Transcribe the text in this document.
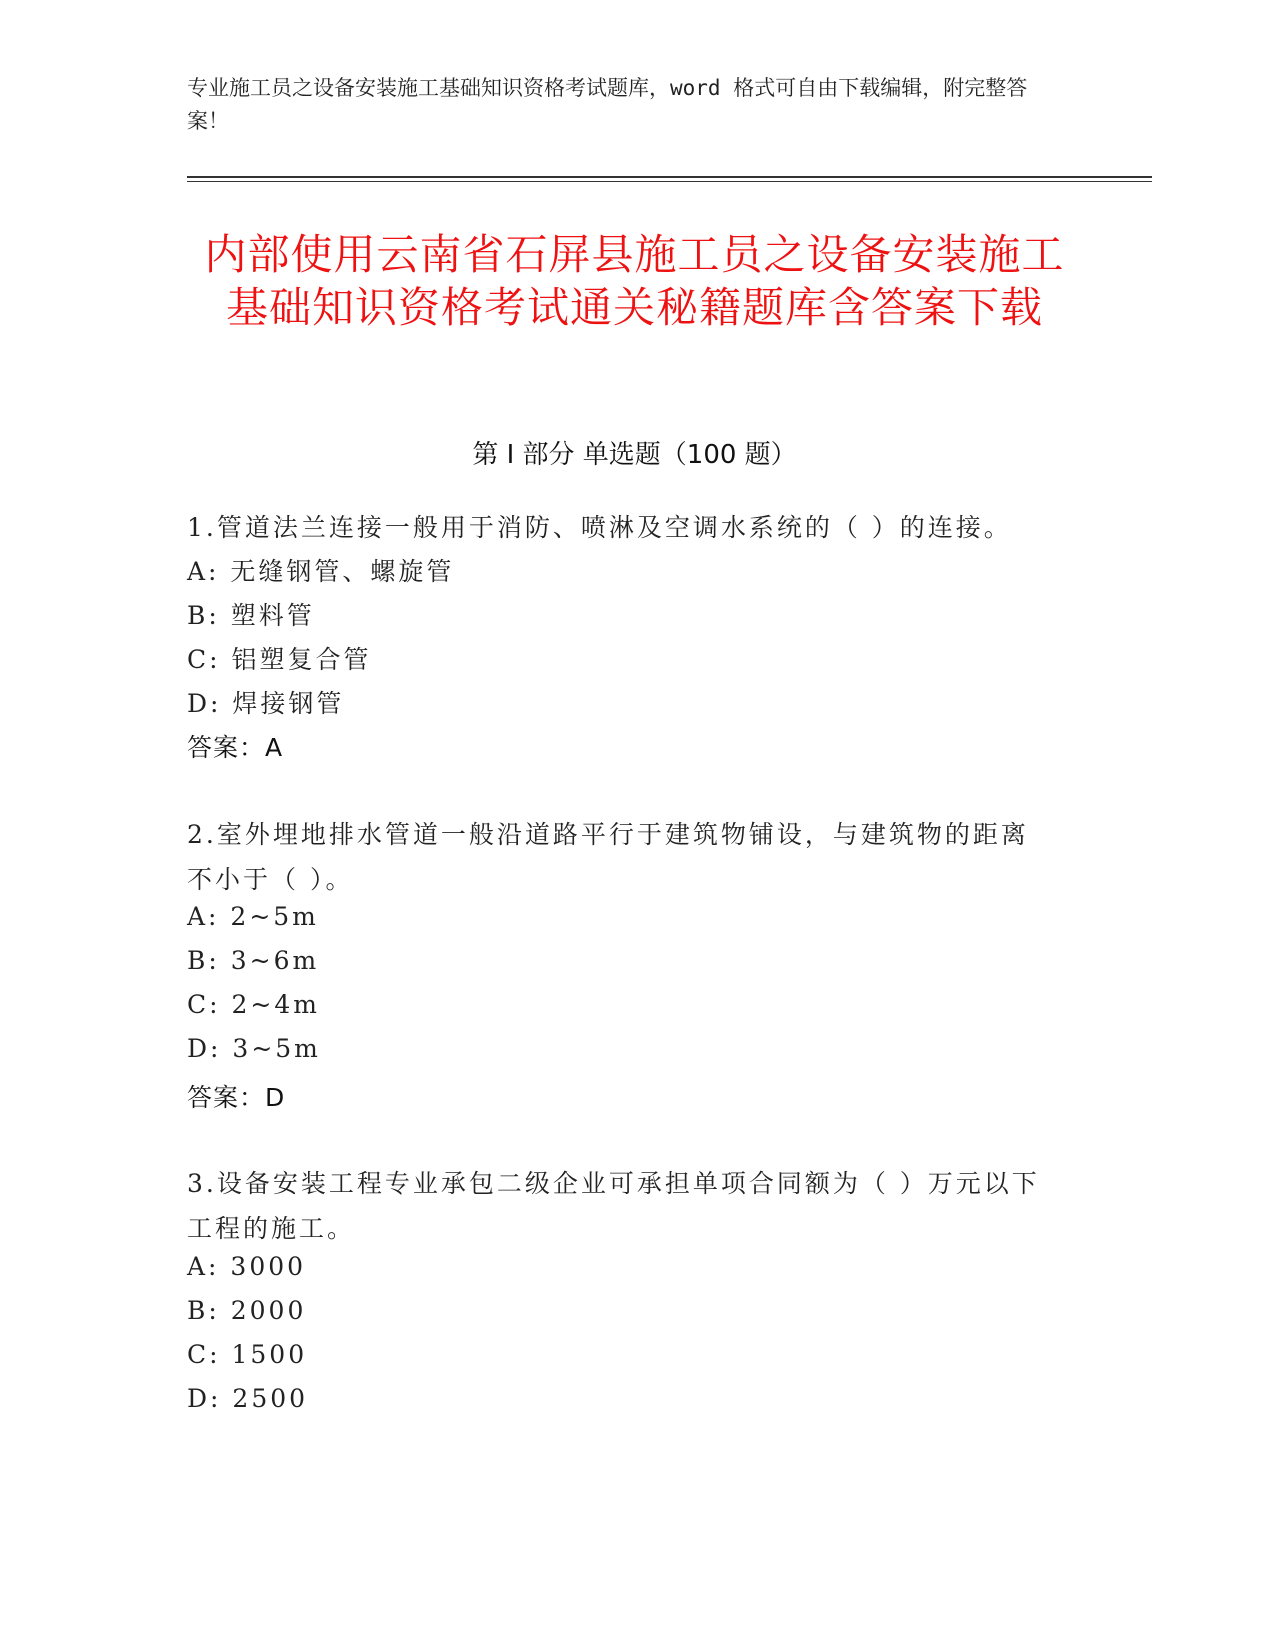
专业施工员之设备安装施工基础知识资格考试题库，word 格式可自由下载编辑，附完整答案！
内部使用云南省石屏县施工员之设备安装施工基础知识资格考试通关秘籍题库含答案下载
第 I 部分 单选题（100 题）
1.管道法兰连接一般用于消防、喷淋及空调水系统的（ ）的连接。
A: 无缝钢管、螺旋管
B: 塑料管
C: 铝塑复合管
D: 焊接钢管
答案：A
2.室外埋地排水管道一般沿道路平行于建筑物铺设，与建筑物的距离不小于（ ）。
A: 2~5m
B: 3~6m
C: 2~4m
D: 3~5m
答案：D
3.设备安装工程专业承包二级企业可承担单项合同额为（ ）万元以下工程的施工。
A: 3000
B: 2000
C: 1500
D: 2500
